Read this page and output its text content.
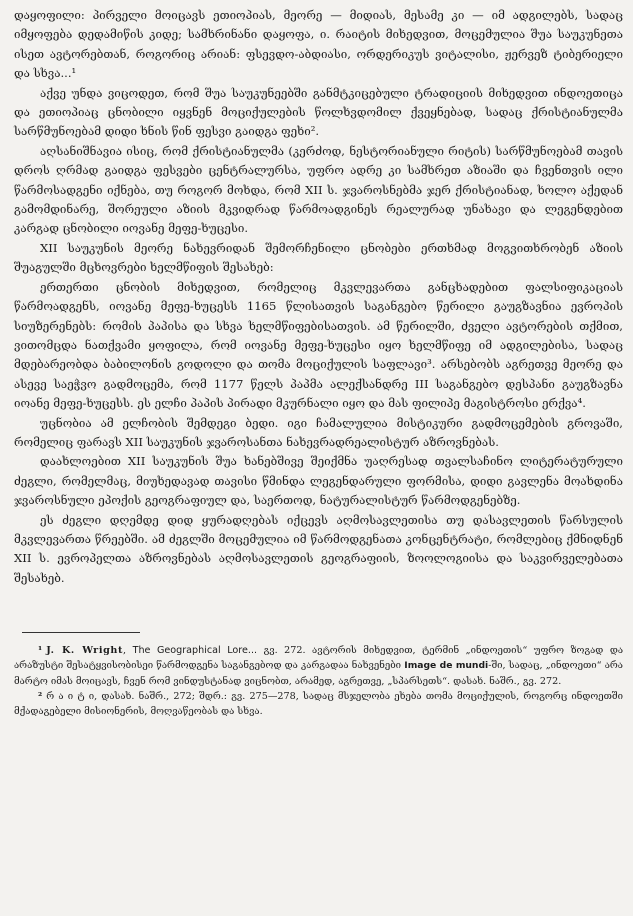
დაყოფილი: პირველი მოიცავს ეთიოპიას, მეორე — მიდიას, მესამე კი — იმ ადგილებს, სადაც იმყოფება დედამიწის კიდე; სამხრინანი დაყოფა, ი. რაიტის მიხედვით, მოცემულია შუა საუკუნეთა ისეთ ავტორებთან, როგორიც არიან: ფსევდო-აბდიასი, ორდერიკუს ვიტალისი, ჟერვეზ ტიბერიელი და სხვა...¹

აქვე უნდა ვიცოდეთ, რომ შუა საუკუნეებში განმტკიცებული ტრადიციის მიხედვით ინდოეთიცა და ეთიოპიაც ცნობილი იყვნენ მოციქულების წოლხვდომილ ქვეყნებად, სადაც ქრისტიანულმა სარწმუნოებამ დიდი ხნის წინ ფესვი გაიდგა ფეხი².

აღსანიშნავია ისიც, რომ ქრისტიანულმა (კერძოდ, ნესტორიანული რიტის) სარწმუნოებამ თავის დროს ღრმად გაიდგა ფესვები ცენტრალურსა, უფრო ადრე კი სამხრეთ აზიაში და ჩვენთვის ილი წარმოსადგენი იქნება, თუ როგორ მოხდა, რომ XII ს. ჯვაროსნებმა ჯერ ქრისტიანად, ხოლო აქედან გამომდინარე, შორეული აზიის მკვიდრად წარმოადგინეს რეალურად უნახავი და ლეგენდებით კარგად ცნობილი იოვანე მეფე-ხუცესი.

XII საუკუნის მეორე ნახევრიდან შემორჩენილი ცნობები ერთხმად მოგვითხრობენ აზიის შუაგულში მცხოვრები ხელმწიფის შესახებ:

ერთერთი ცნობის მიხედვით, რომელიც მკვლევართა განცხადებით ფალსიფიკაციას წარმოადგენს, იოვანე მეფე-ხუცესს 1165 წლისათვის საგანგებო წერილი გაუგზავნია ევროპის სიუზერენებს: რომის პაპისა და სხვა ხელმწიფებისათვის. ამ წერილში, ძველი ავტორების თქმით, ვითომცდა ნათქვამი ყოფილა, რომ იოვანე მეფე-ხუცესი იყო ხელმწიფე იმ ადგილებისა, სადაც მდებარეობდა ბაბილონის გოდოლი და თომა მოციქულის საფლავი³. არსებობს აგრეთვე მეორე და ასევე საეჭვო გადმოცემა, რომ 1177 წელს პაპმა ალექსანდრე III საგანგებო დესპანი გაუგზავნა იოანე მეფე-ხუცესს. ეს ელჩი პაპის პირადი მკურნალი იყო და მას ფილიპე მაგისტროსი ერქვა⁴.

უცნობია ამ ელჩობის შემდეგი ბედი. იგი ჩამალულია მისტიკური გადმოცემების გროვაში, რომელიც ფარავს XII საუკუნის ჯვაროსანთა ნახევრადრეალისტურ აზროვნებას.

დაახლოებით XII საუკუნის შუა ხანებშივე შეიქმნა უაღრესად თვალსაჩინო ლიტერატურული ძეგლი, რომელმაც, მიუხედავად თავისი წმინდა ლეგენდარული ფორმისა, დიდი გავლენა მოახდინა ჯვაროსნული ეპოქის გეოგრაფიულ და, საერთოდ, ნატურალისტურ წარმოდგენებზე.

ეს ძეგლი დღემდე დიდ ყურადღებას იქცევს აღმოსავლეთისა თუ დასავლეთის წარსულის მკვლევართა წრეებში. ამ ძეგლში მოცემულია იმ წარმოდგენათა კონცენტრატი, რომლებიც ქმნიდნენ XII ს. ევროპელთა აზროვნებას აღმოსავლეთის გეოგრაფიის, ზოოლოგიისა და საკვირველებათა შესახებ.

¹ J. K. Wright, The Geographical Lore... გვ. 272. ავტორის მიხედვით, ტერმინ „ინდოეთის“ უფრო ზოგად და არაზუსტი შესატყვისობისეი წარმოდგენა საგანგებოდ და კარგადაა ნახვენები Image de mundi-ში, სადაც, „ინდოეთი“ არა მარტო იმას მოიცავს, ჩვენ რომ ვინდუსტანად ვიცნობთ, არამედ, აგრეთვე, „სპარსეთს“. დასახ. ნაშრ., გვ. 272.

² რ ა ი ტ ი, დასახ. ნაშრ., 272; შდრ.: გვ. 275—278, სადაც მსჯელობა ეხება თომა მოციქულის, როგორც ინდოეთში მქადაგებელი მისიონერის, მოღვაწეობას და სხვა.
